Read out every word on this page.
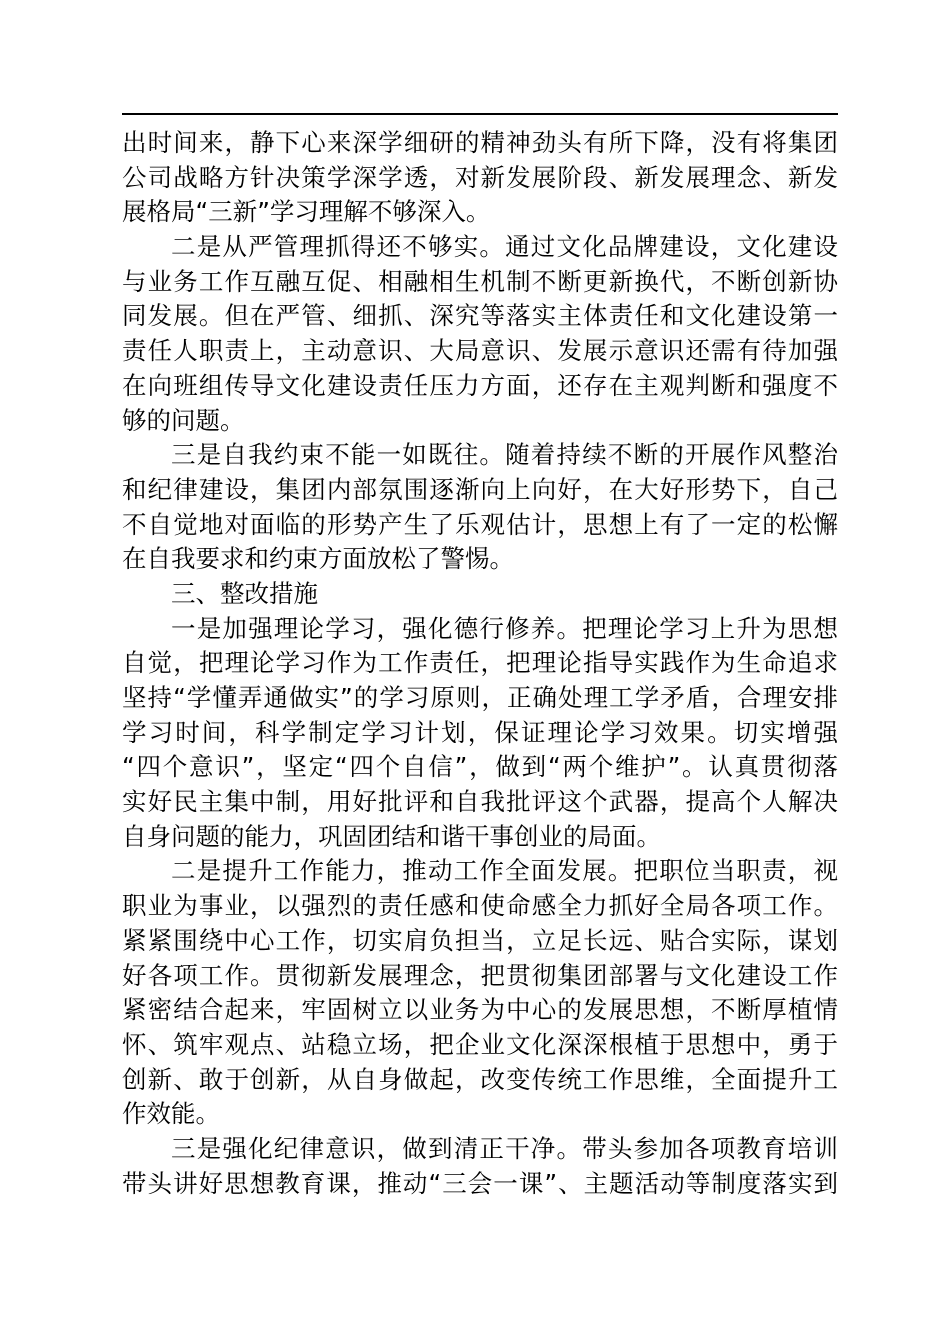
出时间来，静下心来深学细研的精神劲头有所下降，没有将集团
公司战略方针决策学深学透，对新发展阶段、新发展理念、新发
展格局“三新”学习理解不够深入。
二是从严管理抓得还不够实。通过文化品牌建设，文化建设
与业务工作互融互促、相融相生机制不断更新换代，不断创新协
同发展。但在严管、细抓、深究等落实主体责任和文化建设第一
责任人职责上，主动意识、大局意识、发展示意识还需有待加强
在向班组传导文化建设责任压力方面，还存在主观判断和强度不
够的问题。
三是自我约束不能一如既往。随着持续不断的开展作风整治
和纪律建设，集团内部氛围逐渐向上向好，在大好形势下，自己
不自觉地对面临的形势产生了乐观估计，思想上有了一定的松懈
在自我要求和约束方面放松了警惕。
三、整改措施
一是加强理论学习，强化德行修养。把理论学习上升为思想
自觉，把理论学习作为工作责任，把理论指导实践作为生命追求
坚持“学懂弄通做实”的学习原则，正确处理工学矛盾，合理安排
学习时间，科学制定学习计划，保证理论学习效果。切实增强
“四个意识”，坚定“四个自信”，做到“两个维护”。认真贯彻落
实好民主集中制，用好批评和自我批评这个武器，提高个人解决
自身问题的能力，巩固团结和谐干事创业的局面。
二是提升工作能力，推动工作全面发展。把职位当职责，视
职业为事业，以强烈的责任感和使命感全力抓好全局各项工作。
紧紧围绕中心工作，切实肩负担当，立足长远、贴合实际，谋划
好各项工作。贯彻新发展理念，把贯彻集团部署与文化建设工作
紧密结合起来，牢固树立以业务为中心的发展思想，不断厚植情
怀、筑牢观点、站稳立场，把企业文化深深根植于思想中，勇于
创新、敢于创新，从自身做起，改变传统工作思维，全面提升工
作效能。
三是强化纪律意识，做到清正干净。带头参加各项教育培训
带头讲好思想教育课，推动“三会一课”、主题活动等制度落实到
